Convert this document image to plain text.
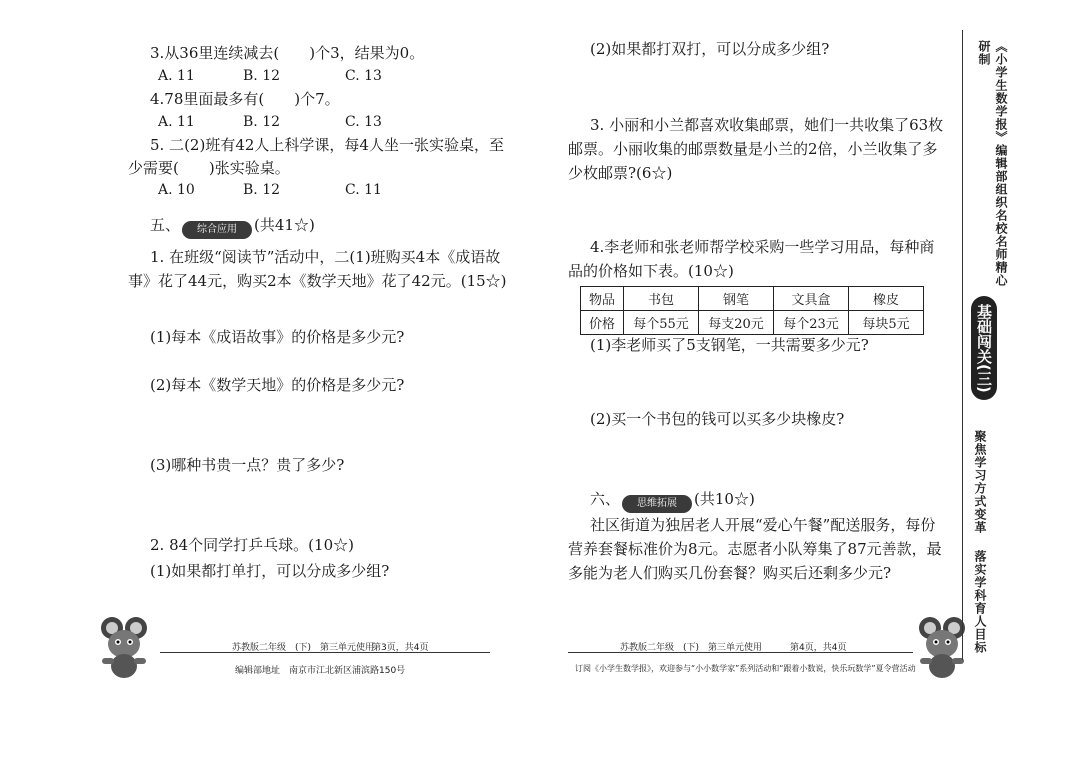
3.从36里连续减去(　　)个3，结果为0。
A. 11	B. 12	C. 13
4.78里面最多有(　　)个7。
A. 11	B. 12	C. 13
5. 二(2)班有42人上科学课，每4人坐一张实验桌，至
少需要(　　)张实验桌。
A. 10	B. 12	C. 11
五、 综合应用 (共41☆)
1. 在班级“阅读节”活动中，二(1)班购买4本《成语故
事》花了44元，购买2本《数学天地》花了42元。(15☆)
(1)每本《成语故事》的价格是多少元?
(2)每本《数学天地》的价格是多少元?
(3)哪种书贵一点？贵了多少?
2. 84个同学打乒乓球。(10☆)
(1)如果都打单打，可以分成多少组?
苏教版二年级　(下)　第三单元使用
第3页，共4页
编辑部地址　南京市江北新区浦滨路150号
(2)如果都打双打，可以分成多少组?
3. 小丽和小兰都喜欢收集邮票，她们一共收集了63枚
邮票。小丽收集的邮票数量是小兰的2倍，小兰收集了多
少枚邮票?(6☆)
4.李老师和张老师帮学校采购一些学习用品，每种商
品的价格如下表。(10☆)
物品	书包	钢笔	文具盒	橡皮
价格	每个55元	每支20元	每个23元	每块5元
(1)李老师买了5支钢笔，一共需要多少元?
(2)买一个书包的钱可以买多少块橡皮?
六、 思维拓展 (共10☆)
社区街道为独居老人开展“爱心午餐”配送服务，每份
营养套餐标准价为8元。志愿者小队筹集了87元善款，最
多能为老人们购买几份套餐？购买后还剩多少元?
苏教版二年级　(下)　第三单元使用	第4页，共4页
订阅《小学生数学报》，欢迎参与“小小数学家”系列活动和“跟着小数说，快乐玩数学”夏令营活动
《小学生数学报》编辑部组织名校名师精心研制
基础闯关(三)
聚焦学习方式变革
落实学科育人目标
